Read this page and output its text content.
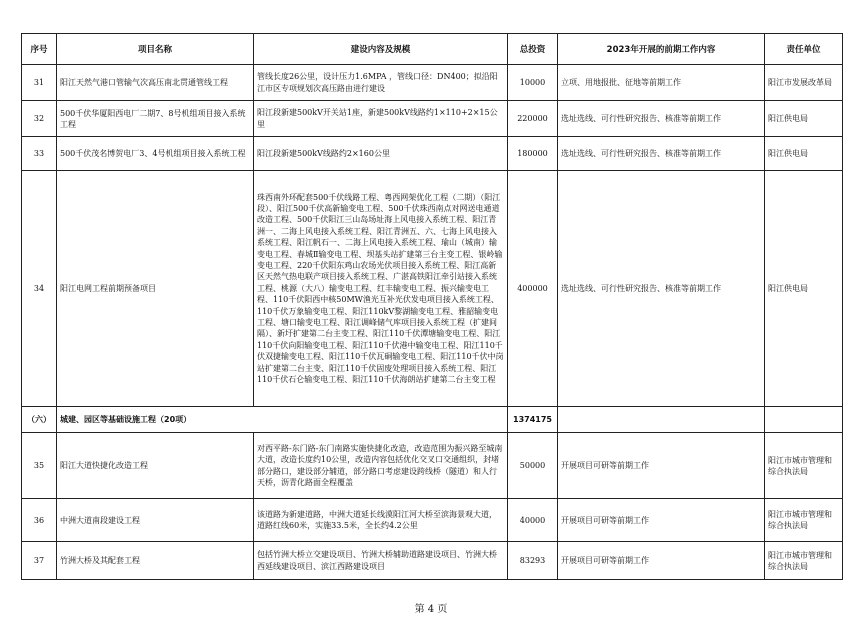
序号	项目名称	建设内容及规模	总投资	2023年开展的前期工作内容	责任单位
31	阳江天然气港口管输气次高压南北贯通管线工程	管线长度26公里，设计压力1.6MPA ，管线口径：DN400；拟沿阳江市区专项规划次高压路由进行建设	10000	立项、用地报批、征地等前期工作	阳江市发展改革局
32	500千伏华厦阳西电厂二期7、8号机组项目接入系统工程	阳江段新建500kV开关站1座，新建500kV线路约1×110+2×15公里	220000	选址选线、可行性研究报告、核准等前期工作	阳江供电局
33	500千伏茂名博贺电厂3、4号机组项目接入系统工程	阳江段新建500kV线路约2×160公里	180000	选址选线、可行性研究报告、核准等前期工作	阳江供电局
34	阳江电网工程前期预备项目	珠西南外环配套500千伏线路工程、粤西网架优化工程（二期）（阳江段）、阳江500千伏高新输变电工程、500千伏珠西南点对网送电通道改造工程、500千伏阳江三山岛场址海上风电接入系统工程、阳江青洲一、二海上风电接入系统工程、阳江青洲五、六、七海上风电接入系统工程、阳江帆石一、二海上风电接入系统工程、瑜山（城南）输变电工程、春城Ⅱ输变电工程、坝基头站扩建第三台主变工程、银岭输变电工程、220千伏阳东鸡山农场光伏项目接入系统工程、阳江高新区天然气热电联产项目接入系统工程、广湛高铁阳江牵引站接入系统工程、桃源（大八）输变电工程、红丰输变电工程、振兴输变电工程、110千伏阳西中核50MW渔光互补光伏发电项目接入系统工程、110千伏万象输变电工程、阳江110kV黎湖输变电工程、雅韶输变电工程、塘口输变电工程、阳江调峰储气库项目接入系统工程（扩建间隔）、新圩扩建第二台主变工程、阳江110千伏潭塘输变电工程、阳江110千伏向阳输变电工程、阳江110千伏港中输变电工程、阳江110千伏双捷输变电工程、阳江110千伏瓦硐输变电工程、阳江110千伏中岗站扩建第二台主变、阳江110千伏固废处理项目接入系统工程、阳江110千伏石仑输变电工程、阳江110千伏海朗站扩建第二台主变工程	400000	选址选线、可行性研究报告、核准等前期工作	阳江供电局
（六）	城建、园区等基础设施工程（20项）		1374175		
35	阳江大道快捷化改造工程	对西平路-东门路-东门南路实施快捷化改造，改造范围为振兴路至城南大道，改造长度约10公里，改造内容包括优化交叉口交通组织，封堵部分路口，建设部分辅道，部分路口考虑建设跨线桥（隧道）和人行天桥，沥青化路面全程覆盖	50000	开展项目可研等前期工作	阳江市城市管理和综合执法局
36	中洲大道南段建设工程	该道路为新建道路，中洲大道延长线漠阳江河大桥至滨海景观大道，道路红线60米，实施33.5米，全长约4.2公里	40000	开展项目可研等前期工作	阳江市城市管理和综合执法局
37	竹洲大桥及其配套工程	包括竹洲大桥立交建设项目、竹洲大桥辅助道路建设项目、竹洲大桥西延线建设项目、滨江西路建设项目	83293	开展项目可研等前期工作	阳江市城市管理和综合执法局
第 4 页
